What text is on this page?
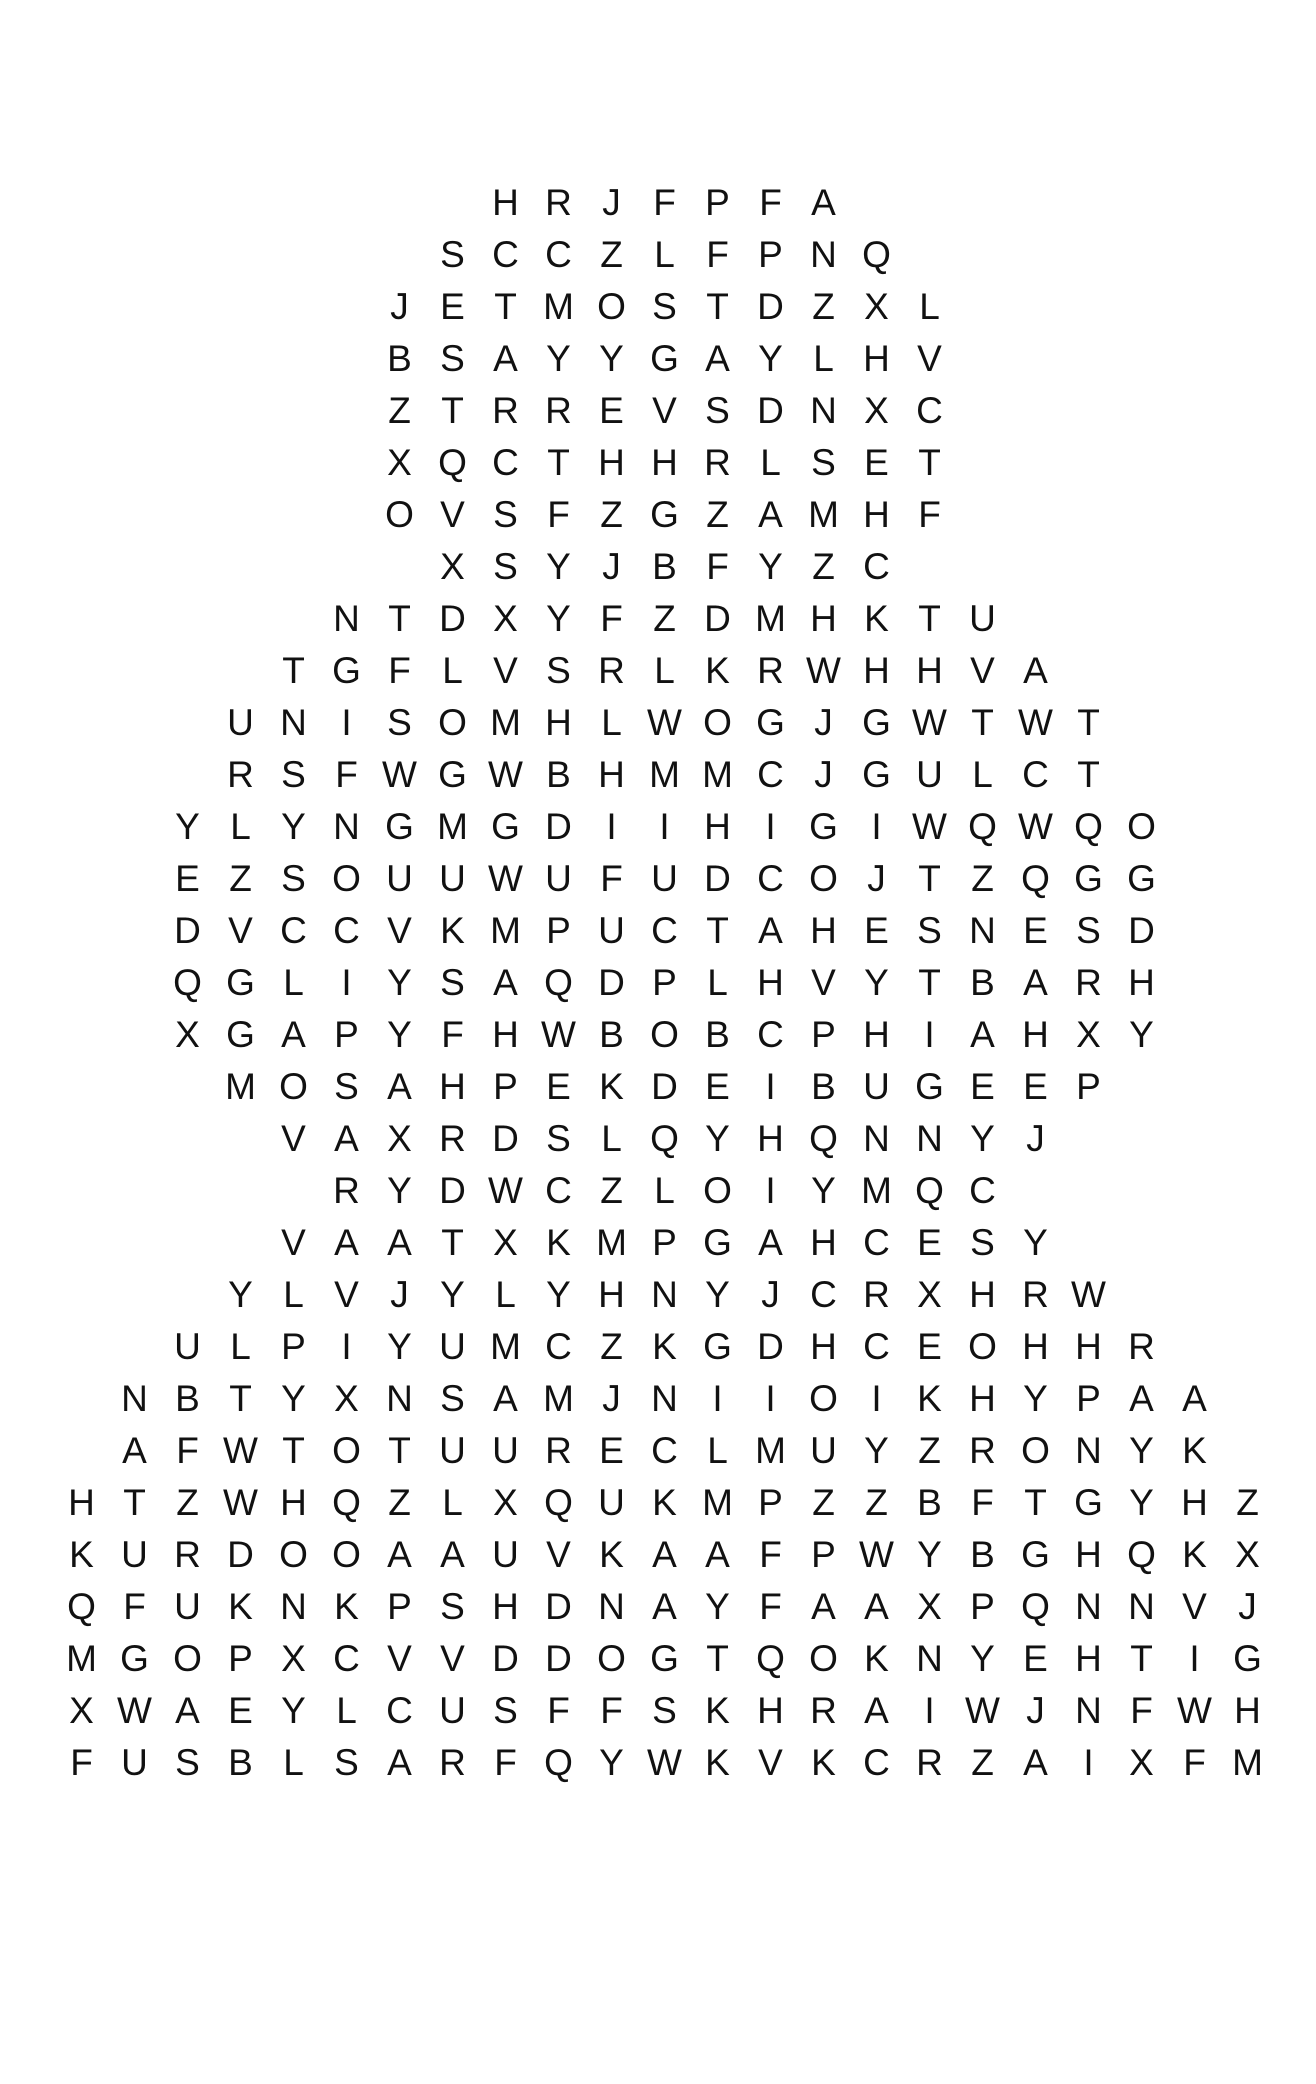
H R J F P F A
S C C Z L F P N Q
J E T M O S T D Z X L
B S A Y Y G A Y L H V
Z T R R E V S D N X C
X Q C T H H R L S E T
O V S F Z G Z A M H F
X S Y J B F Y Z C
N T D X Y F Z D M H K T U
T G F L V S R L K R W H H V A
U N I S O M H L W O G J G W T W T
R S F W G W B H M M C J G U L C T
Y L Y N G M G D I	I H I G I W Q W Q O
E Z S O U U W U F U D C O J T Z Q G G
D V C C V K M P U C T A H E S N E S D
Q G L	I Y S A Q D P L H V Y T B A R H
X G A P Y F H W B O B C P H I A H X Y
M O S A H P E K D E I B U G E E P
V A X R D S L Q Y H Q N N Y J
R Y D W C Z L O I Y M Q C
V A A T X K M P G A H C E S Y
Y L V J Y L Y H N Y J C R X H R W
U L P I Y U M C Z K G D H C E O H H R
N B T Y X N S A M J N I	I O I K H Y P A A
A F W T O T U U R E C L M U Y Z R O N Y K
H T Z W H Q Z L X Q U K M P Z Z B F T G Y H Z
K U R D O O A A U V K A A F P W Y B G H Q K X
Q F U K N K P S H D N A Y F A A X P Q N N V J
M G O P X C V V D D O G T Q O K N Y E H T I G
X W A E Y L C U S F F S K H R A I W J N F W H
F U S B L S A R F Q Y W K V K C R Z A I X F M
